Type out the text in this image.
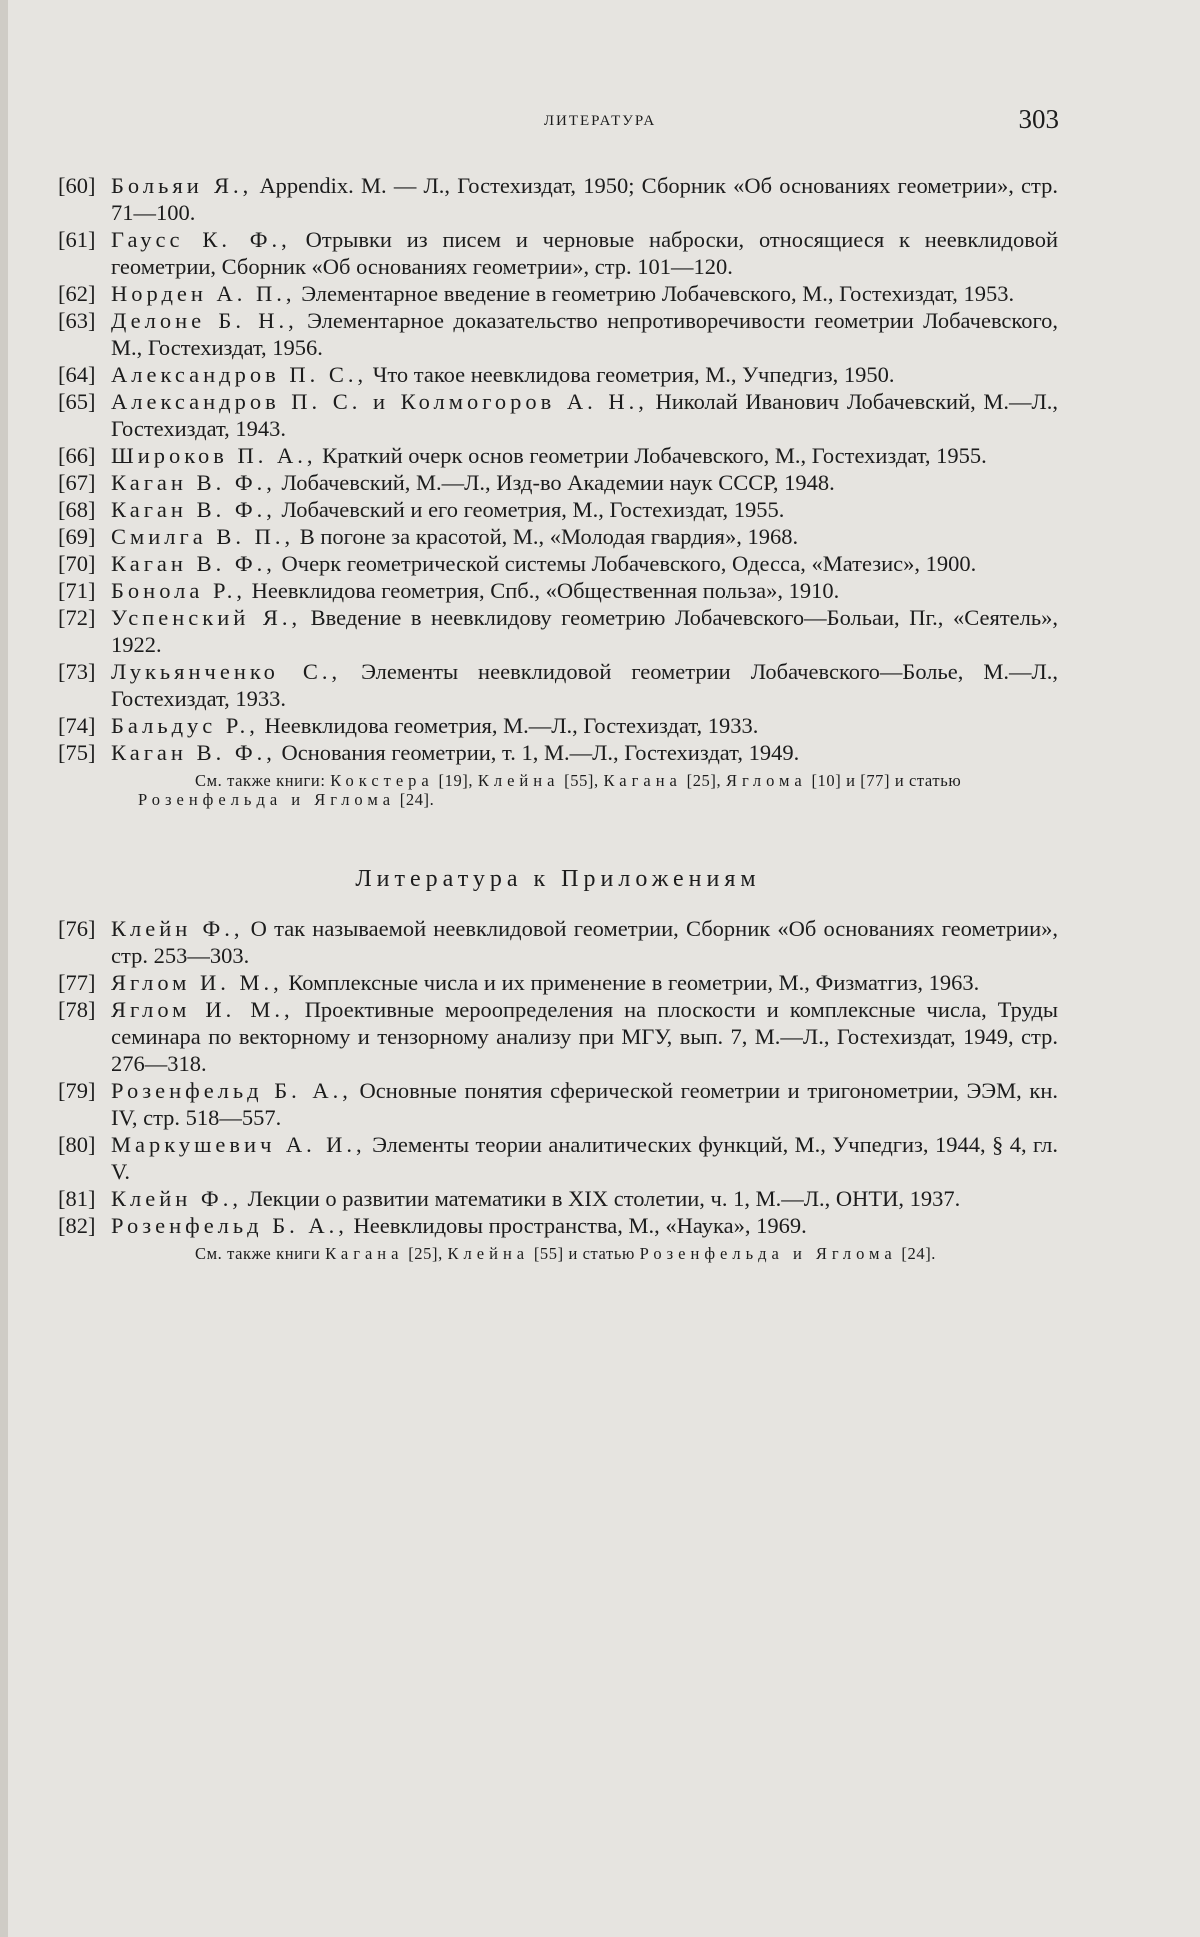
ЛИТЕРАТУРА	303
[60] Больяи Я., Appendix. М. — Л., Гостехиздат, 1950; Сборник «Об основаниях геометрии», стр. 71—100.
[61] Гаусс К. Ф., Отрывки из писем и черновые наброски, относящиеся к неевклидовой геометрии, Сборник «Об основаниях геометрии», стр. 101—120.
[62] Норден А. П., Элементарное введение в геометрию Лобачевского, М., Гостехиздат, 1953.
[63] Делоне Б. Н., Элементарное доказательство непротиворечивости геометрии Лобачевского, М., Гостехиздат, 1956.
[64] Александров П. С., Что такое неевклидова геометрия, М., Учпедгиз, 1950.
[65] Александров П. С. и Колмогоров А. Н., Николай Иванович Лобачевский, М.—Л., Гостехиздат, 1943.
[66] Широков П. А., Краткий очерк основ геометрии Лобачевского, М., Гостехиздат, 1955.
[67] Каган В. Ф., Лобачевский, М.—Л., Изд-во Академии наук СССР, 1948.
[68] Каган В. Ф., Лобачевский и его геометрия, М., Гостехиздат, 1955.
[69] Смилга В. П., В погоне за красотой, М., «Молодая гвардия», 1968.
[70] Каган В. Ф., Очерк геометрической системы Лобачевского, Одесса, «Матезис», 1900.
[71] Бонола Р., Неевклидова геометрия, Спб., «Общественная польза», 1910.
[72] Успенский Я., Введение в неевклидову геометрию Лобачевского—Больаи, Пг., «Сеятель», 1922.
[73] Лукьянченко С., Элементы неевклидовой геометрии Лобачевского—Болье, М.—Л., Гостехиздат, 1933.
[74] Бальдус Р., Неевклидова геометрия, М.—Л., Гостехиздат, 1933.
[75] Каган В. Ф., Основания геометрии, т. 1, М.—Л., Гостехиздат, 1949.
См. также книги: Кокстера [19], Клейна [55], Кагана [25], Яглома [10] и [77] и статью Розенфельда и Яглома [24].
Литература к Приложениям
[76] Клейн Ф., О так называемой неевклидовой геометрии, Сборник «Об основаниях геометрии», стр. 253—303.
[77] Яглом И. М., Комплексные числа и их применение в геометрии, М., Физматгиз, 1963.
[78] Яглом И. М., Проективные мероопределения на плоскости и комплексные числа, Труды семинара по векторному и тензорному анализу при МГУ, вып. 7, М.—Л., Гостехиздат, 1949, стр. 276—318.
[79] Розенфельд Б. А., Основные понятия сферической геометрии и тригонометрии, ЭЭМ, кн. IV, стр. 518—557.
[80] Маркушевич А. И., Элементы теории аналитических функций, М., Учпедгиз, 1944, § 4, гл. V.
[81] Клейн Ф., Лекции о развитии математики в XIX столетии, ч. 1, М.—Л., ОНТИ, 1937.
[82] Розенфельд Б. А., Неевклидовы пространства, М., «Наука», 1969.
См. также книги Кагана [25], Клейна [55] и статью Розенфельда и Яглома [24].
